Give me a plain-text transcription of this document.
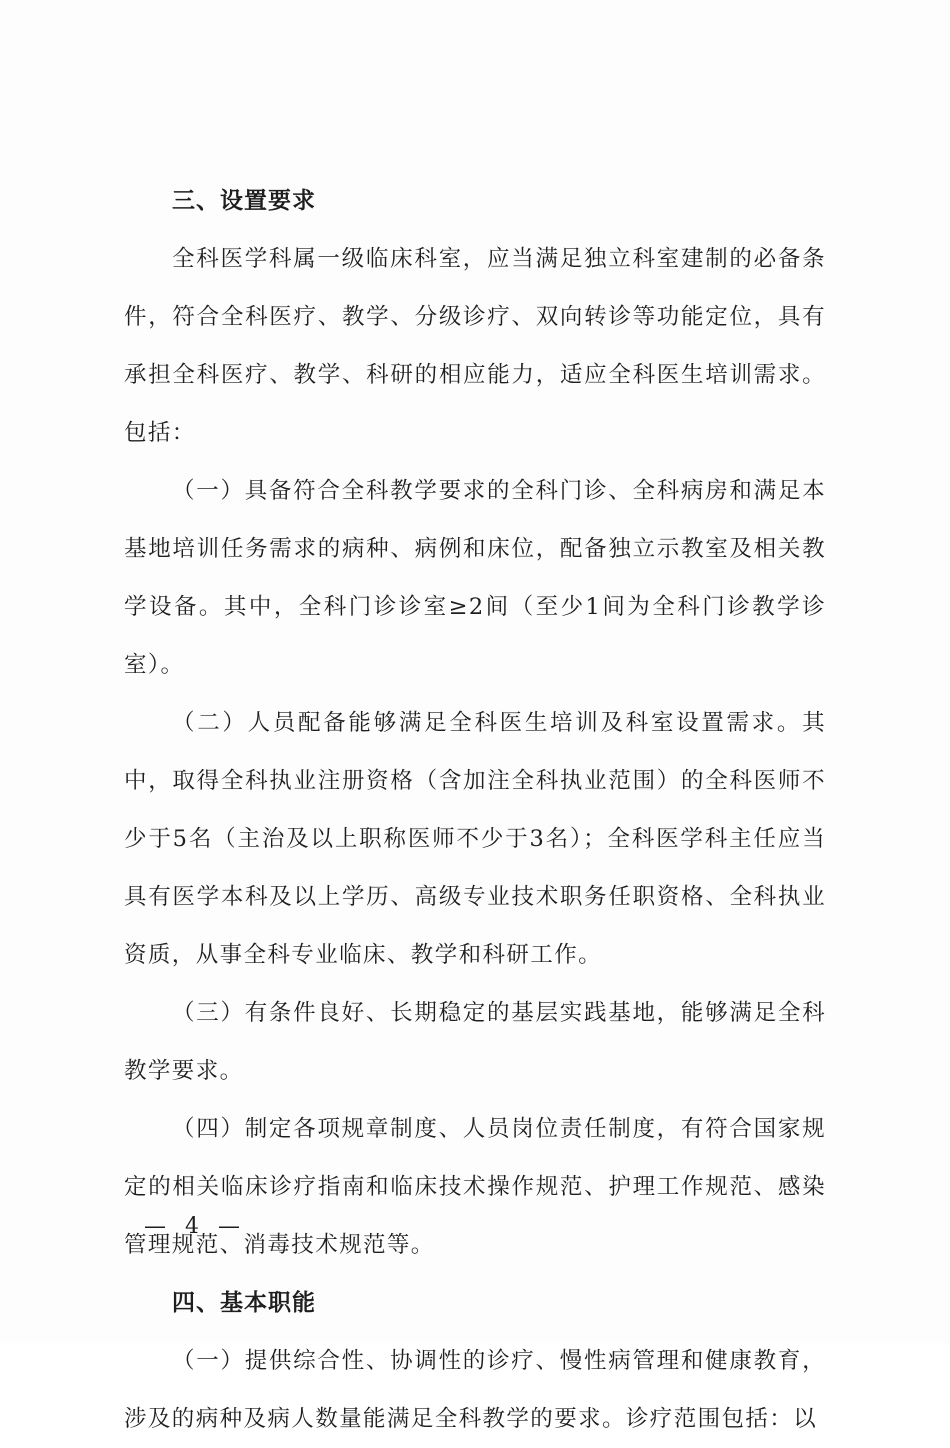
三、设置要求

全科医学科属一级临床科室，应当满足独立科室建制的必备条件，符合全科医疗、教学、分级诊疗、双向转诊等功能定位，具有承担全科医疗、教学、科研的相应能力，适应全科医生培训需求。包括：

（一）具备符合全科教学要求的全科门诊、全科病房和满足本基地培训任务需求的病种、病例和床位，配备独立示教室及相关教学设备。其中，全科门诊诊室≥2间（至少1间为全科门诊教学诊室）。

（二）人员配备能够满足全科医生培训及科室设置需求。其中，取得全科执业注册资格（含加注全科执业范围）的全科医师不少于5名（主治及以上职称医师不少于3名）；全科医学科主任应当具有医学本科及以上学历、高级专业技术职务任职资格、全科执业资质，从事全科专业临床、教学和科研工作。

（三）有条件良好、长期稳定的基层实践基地，能够满足全科教学要求。

（四）制定各项规章制度、人员岗位责任制度，有符合国家规定的相关临床诊疗指南和临床技术操作规范、护理工作规范、感染管理规范、消毒技术规范等。

四、基本职能

（一）提供综合性、协调性的诊疗、慢性病管理和健康教育，涉及的病种及病人数量能满足全科教学的要求。诊疗范围包括：以

— 4 —
